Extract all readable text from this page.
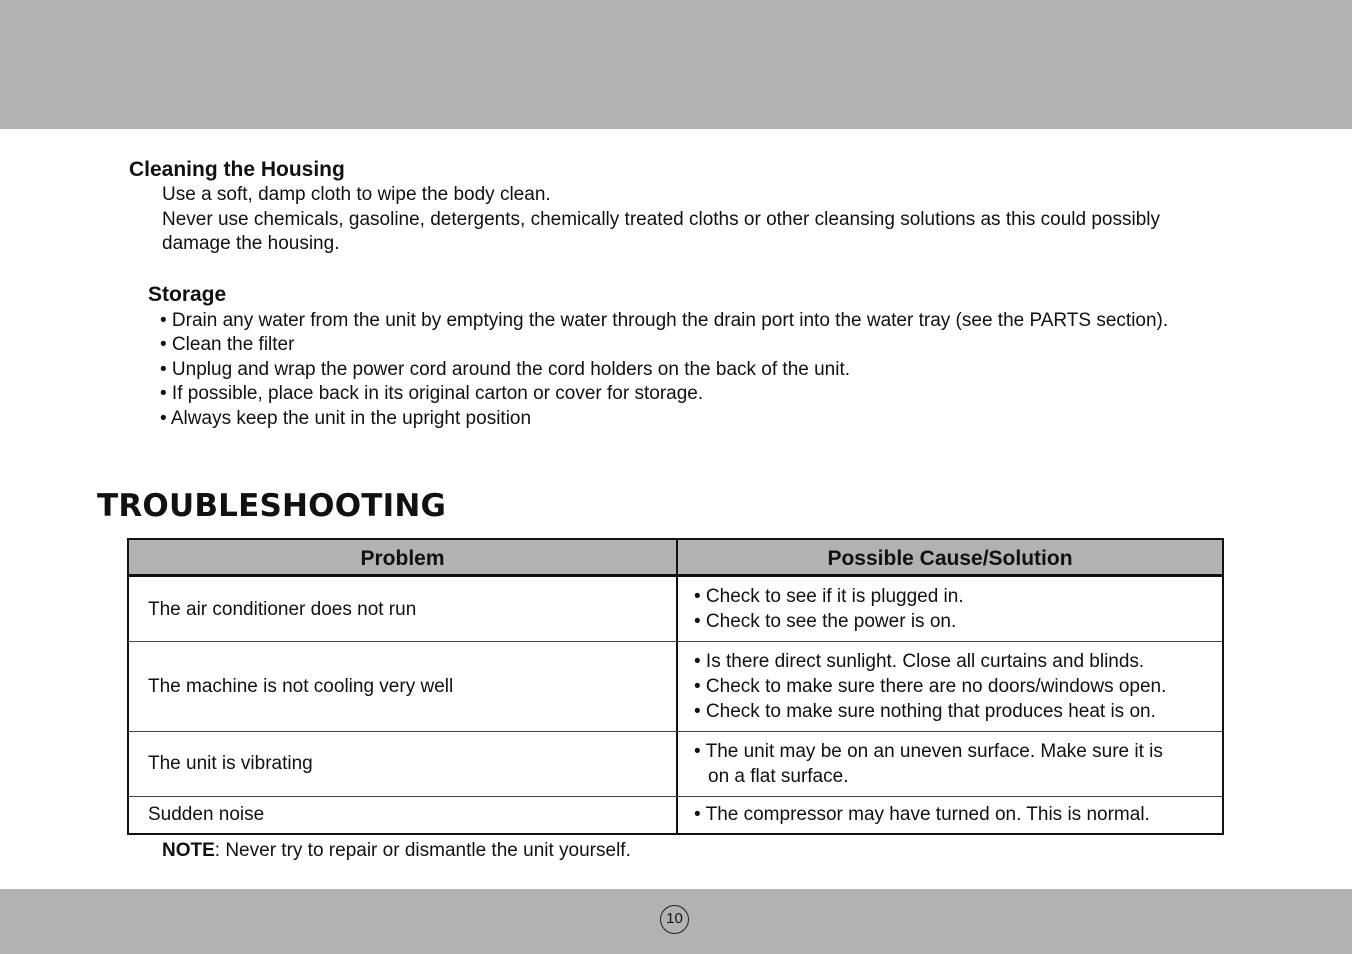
Cleaning the Housing
Use a soft, damp cloth to wipe the body clean.
Never use chemicals, gasoline, detergents, chemically treated cloths or other cleansing solutions as this could possibly
damage the housing.
Storage
• Drain any water from the unit by emptying the water through the drain port into the water tray (see the PARTS section).
• Clean the filter
• Unplug and wrap the power cord around the cord holders on the back of the unit.
• If possible, place back in its original carton or cover for storage.
• Always keep the unit in the upright position
TROUBLESHOOTING
Problem	Possible Cause/Solution
The air conditioner does not run
• Check to see if it is plugged in.
• Check to see the power is on.
The machine is not cooling very well
• Is there direct sunlight. Close all curtains and blinds.
• Check to make sure there are no doors/windows open.
• Check to make sure nothing that produces heat is on.
The unit is vibrating
• The unit may be on an uneven surface. Make sure it is
on a flat surface.
Sudden noise	• The compressor may have turned on. This is normal.
NOTE: Never try to repair or dismantle the unit yourself.
10
